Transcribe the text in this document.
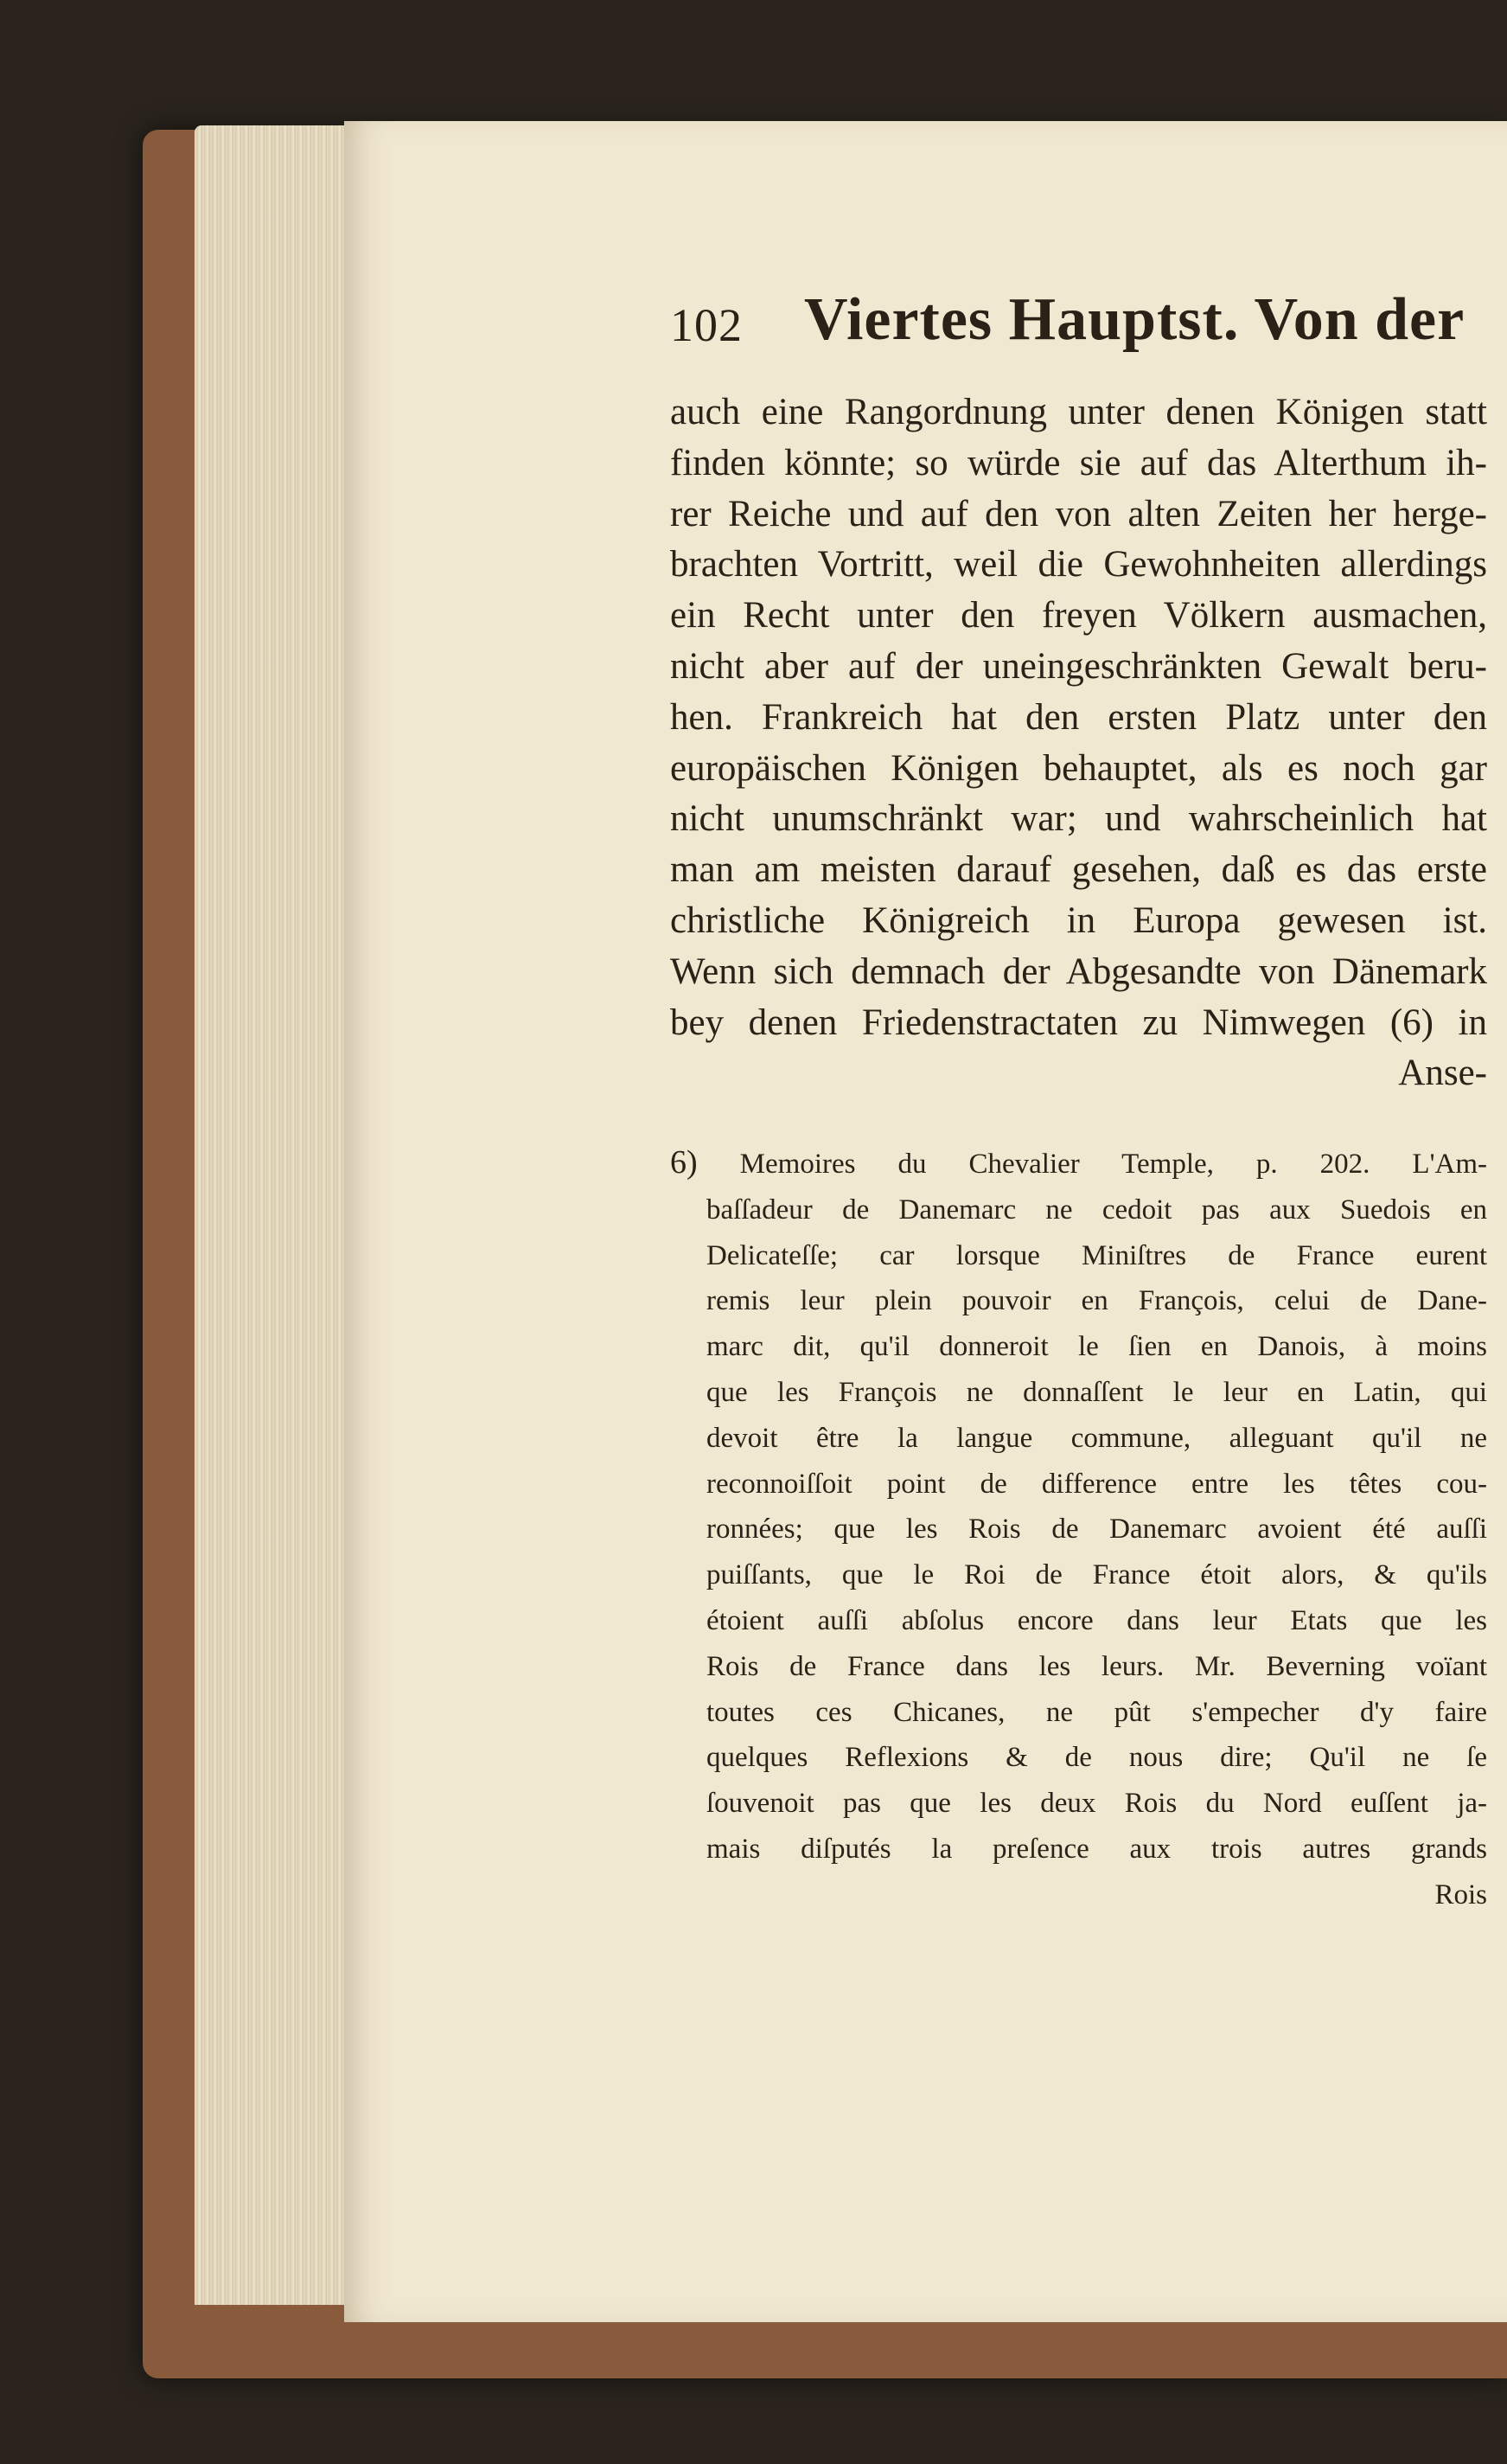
102 Viertes Hauptst. Von der
auch eine Rangordnung unter denen Königen statt
finden könnte; so würde sie auf das Alterthum ih-
rer Reiche und auf den von alten Zeiten her herge-
brachten Vortritt, weil die Gewohnheiten allerdings
ein Recht unter den freyen Völkern ausmachen,
nicht aber auf der uneingeschränkten Gewalt beru-
hen. Frankreich hat den ersten Platz unter den
europäischen Königen behauptet, als es noch gar
nicht unumschränkt war; und wahrscheinlich hat
man am meisten darauf gesehen, daß es das erste
christliche Königreich in Europa gewesen ist.
Wenn sich demnach der Abgesandte von Dänemark
bey denen Friedenstractaten zu Nimwegen (6) in
Anse-
6) Memoires du Chevalier Temple, p. 202. L'Am-
baſſadeur de Danemarc ne cedoit pas aux Suedois en
Delicateſſe; car lorsque Miniſtres de France eurent
remis leur plein pouvoir en François, celui de Dane-
marc dit, qu'il donneroit le ſien en Danois, à moins
que les François ne donnaſſent le leur en Latin, qui
devoit être la langue commune, alleguant qu'il ne
reconnoiſſoit point de difference entre les têtes cou-
ronnées; que les Rois de Danemarc avoient été auſſi
puiſſants, que le Roi de France étoit alors, & qu'ils
étoient auſſi abſolus encore dans leur Etats que les
Rois de France dans les leurs. Mr. Beverning voïant
toutes ces Chicanes, ne pût s'empecher d'y faire
quelques Reflexions & de nous dire; Qu'il ne ſe
ſouvenoit pas que les deux Rois du Nord euſſent ja-
mais diſputés la preſence aux trois autres grands
Rois
